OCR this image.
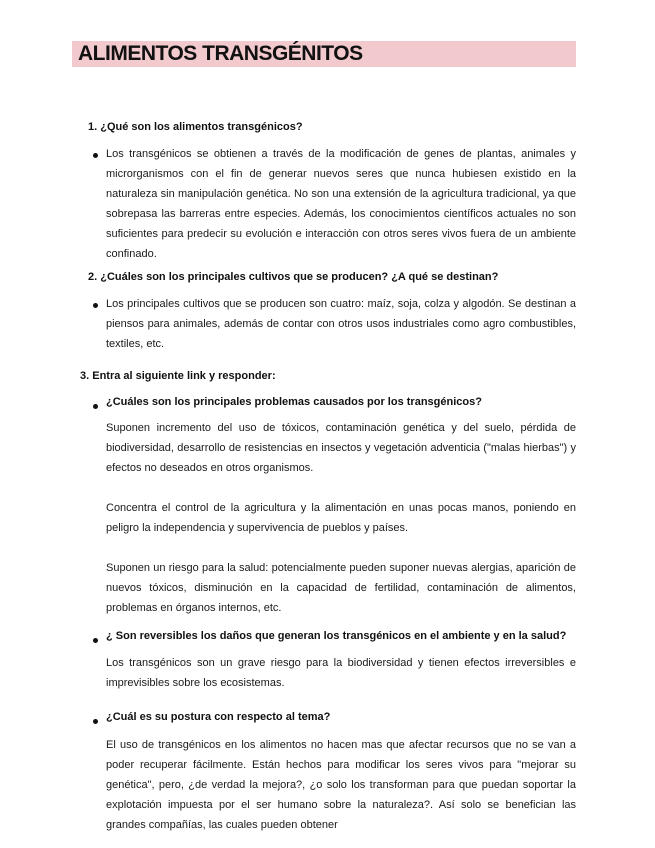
ALIMENTOS TRANSGÉNITOS
1. ¿Qué son los alimentos transgénicos?

Los transgénicos se obtienen a través de la modificación de genes de plantas, animales y microrganismos con el fin de generar nuevos seres que nunca hubiesen existido en la naturaleza sin manipulación genética. No son una extensión de la agricultura tradicional, ya que sobrepasa las barreras entre especies. Además, los conocimientos científicos actuales no son suficientes para predecir su evolución e interacción con otros seres vivos fuera de un ambiente confinado.

2. ¿Cuáles son los principales cultivos que se producen? ¿A qué se destinan?

Los principales cultivos que se producen son cuatro: maíz, soja, colza y algodón. Se destinan a piensos para animales, además de contar con otros usos industriales como agro combustibles, textiles, etc.

3. Entra al siguiente link y responder:
¿Cuáles son los principales problemas causados por los transgénicos?

Suponen incremento del uso de tóxicos, contaminación genética y del suelo, pérdida de biodiversidad, desarrollo de resistencias en insectos y vegetación adventicia ("malas hierbas") y efectos no deseados en otros organismos.

Concentra el control de la agricultura y la alimentación en unas pocas manos, poniendo en peligro la independencia y supervivencia de pueblos y países.

Suponen un riesgo para la salud: potencialmente pueden suponer nuevas alergias, aparición de nuevos tóxicos, disminución en la capacidad de fertilidad, contaminación de alimentos, problemas en órganos internos, etc.

¿ Son reversibles los daños que generan los transgénicos en el ambiente y en la salud?

Los transgénicos son un grave riesgo para la biodiversidad y tienen efectos irreversibles e imprevisibles sobre los ecosistemas.

¿Cuál es su postura con respecto al tema?

El uso de transgénicos en los alimentos no hacen mas que afectar recursos que no se van a poder recuperar fácilmente. Están hechos para modificar los seres vivos para "mejorar su genética", pero, ¿de verdad la mejora?, ¿o solo los transforman para que puedan soportar la explotación impuesta por el ser humano sobre la naturaleza?. Así solo se benefician las grandes compañías, las cuales pueden obtener
